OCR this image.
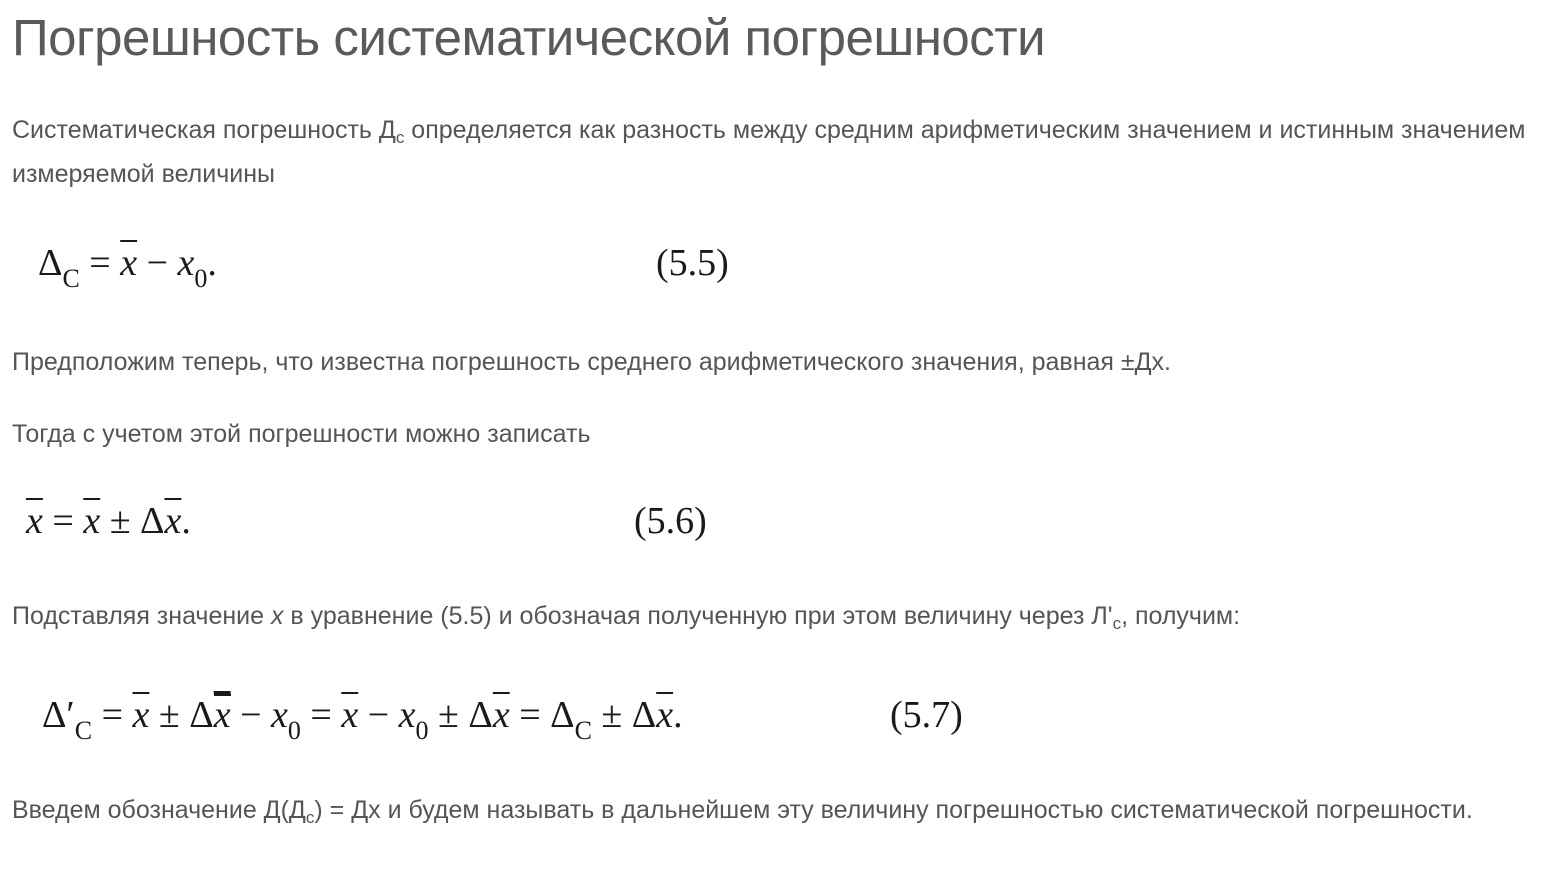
Погрешность систематической погрешности

Систематическая погрешность $Д_c$ определяется как разность между средним арифметическим значением и истинным значением измеряемой величины

$\Delta_C = \overline{x} - x_0$.	(5.5)

Предположим теперь, что известна погрешность среднего арифметического значения, равная ±Дх.

Тогда с учетом этой погрешности можно записать

$\overline{x} = \overline{x} \pm \Delta\overline{x}$.	(5.6)

Подставляя значение x в уравнение (5.5) и обозначая полученную при этом величину через $Л'_c$, получим:

$\Delta'_C = \overline{x} \pm \Delta\overline{x} - x_0 = \overline{x} - x_0 \pm \Delta\overline{x} = \Delta_C \pm \Delta\overline{x}$.	(5.7)

Введем обозначение $Д(Д_c)$ = Дх и будем называть в дальнейшем эту величину погрешностью систематической погрешности.
